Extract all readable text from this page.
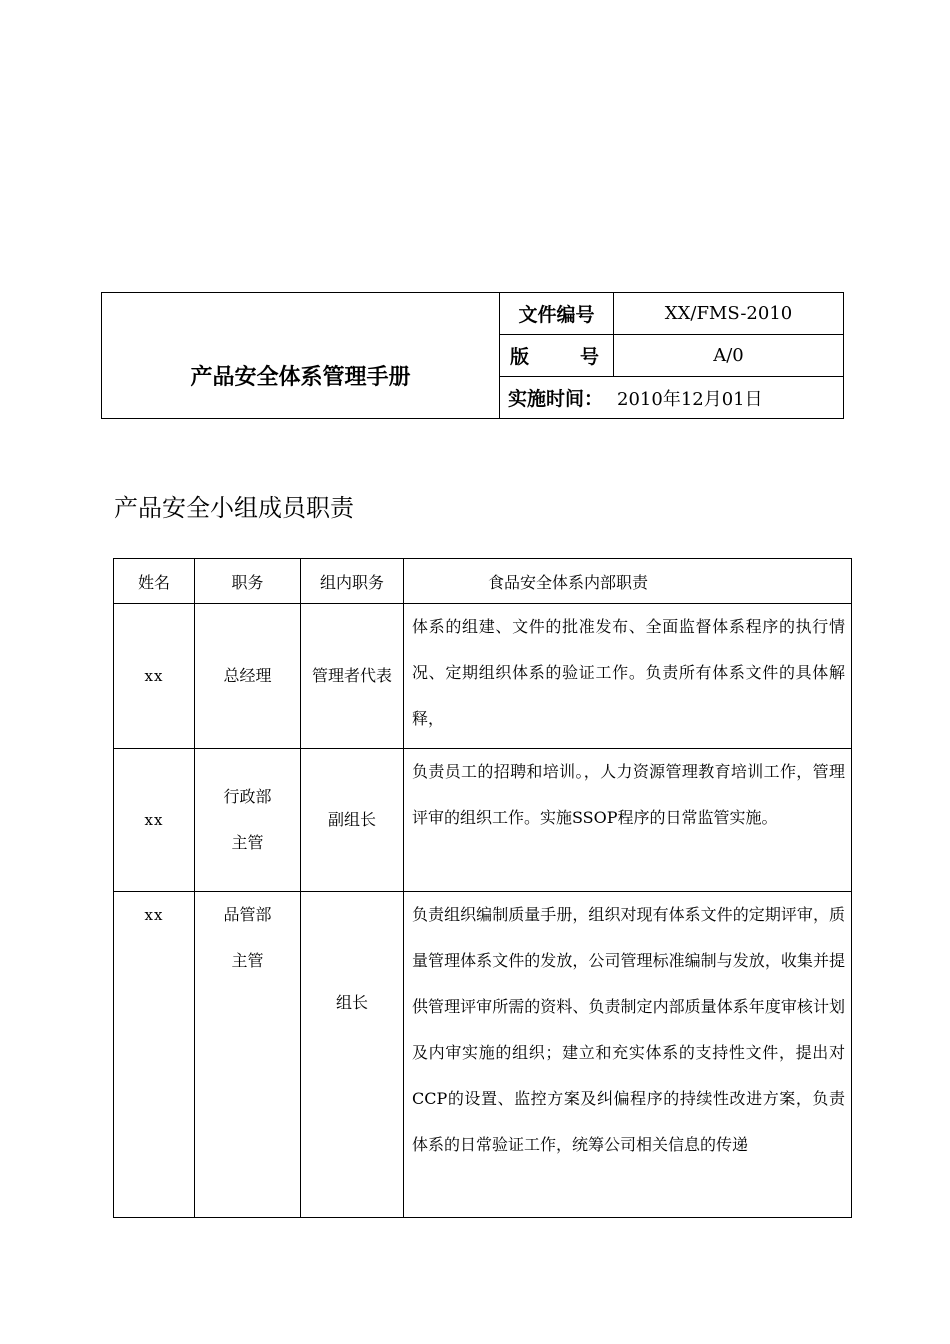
产品安全体系管理手册	文件编号	XX/FMS-2010

	版 号	A/0
	实施时间： 2010年12月01日	
产品安全小组成员职责
姓名	职务	组内职务	食品安全体系内部职责
xx	总经理	管理者代表	体系的组建、文件的批准发布、全面监督体系程序的执行情况、定期组织体系的验证工作。负责所有体系文件的具体解释，
xx	行政部主管	副组长	负责员工的招聘和培训。，人力资源管理教育培训工作，管理评审的组织工作。实施SSOP程序的日常监管实施。
xx	品管部主管	组长	负责组织编制质量手册，组织对现有体系文件的定期评审，质量管理体系文件的发放，公司管理标准编制与发放，收集并提供管理评审所需的资料、负责制定内部质量体系年度审核计划及内审实施的组织；建立和充实体系的支持性文件，提出对CCP的设置、监控方案及纠偏程序的持续性改进方案，负责体系的日常验证工作，统筹公司相关信息的传递
